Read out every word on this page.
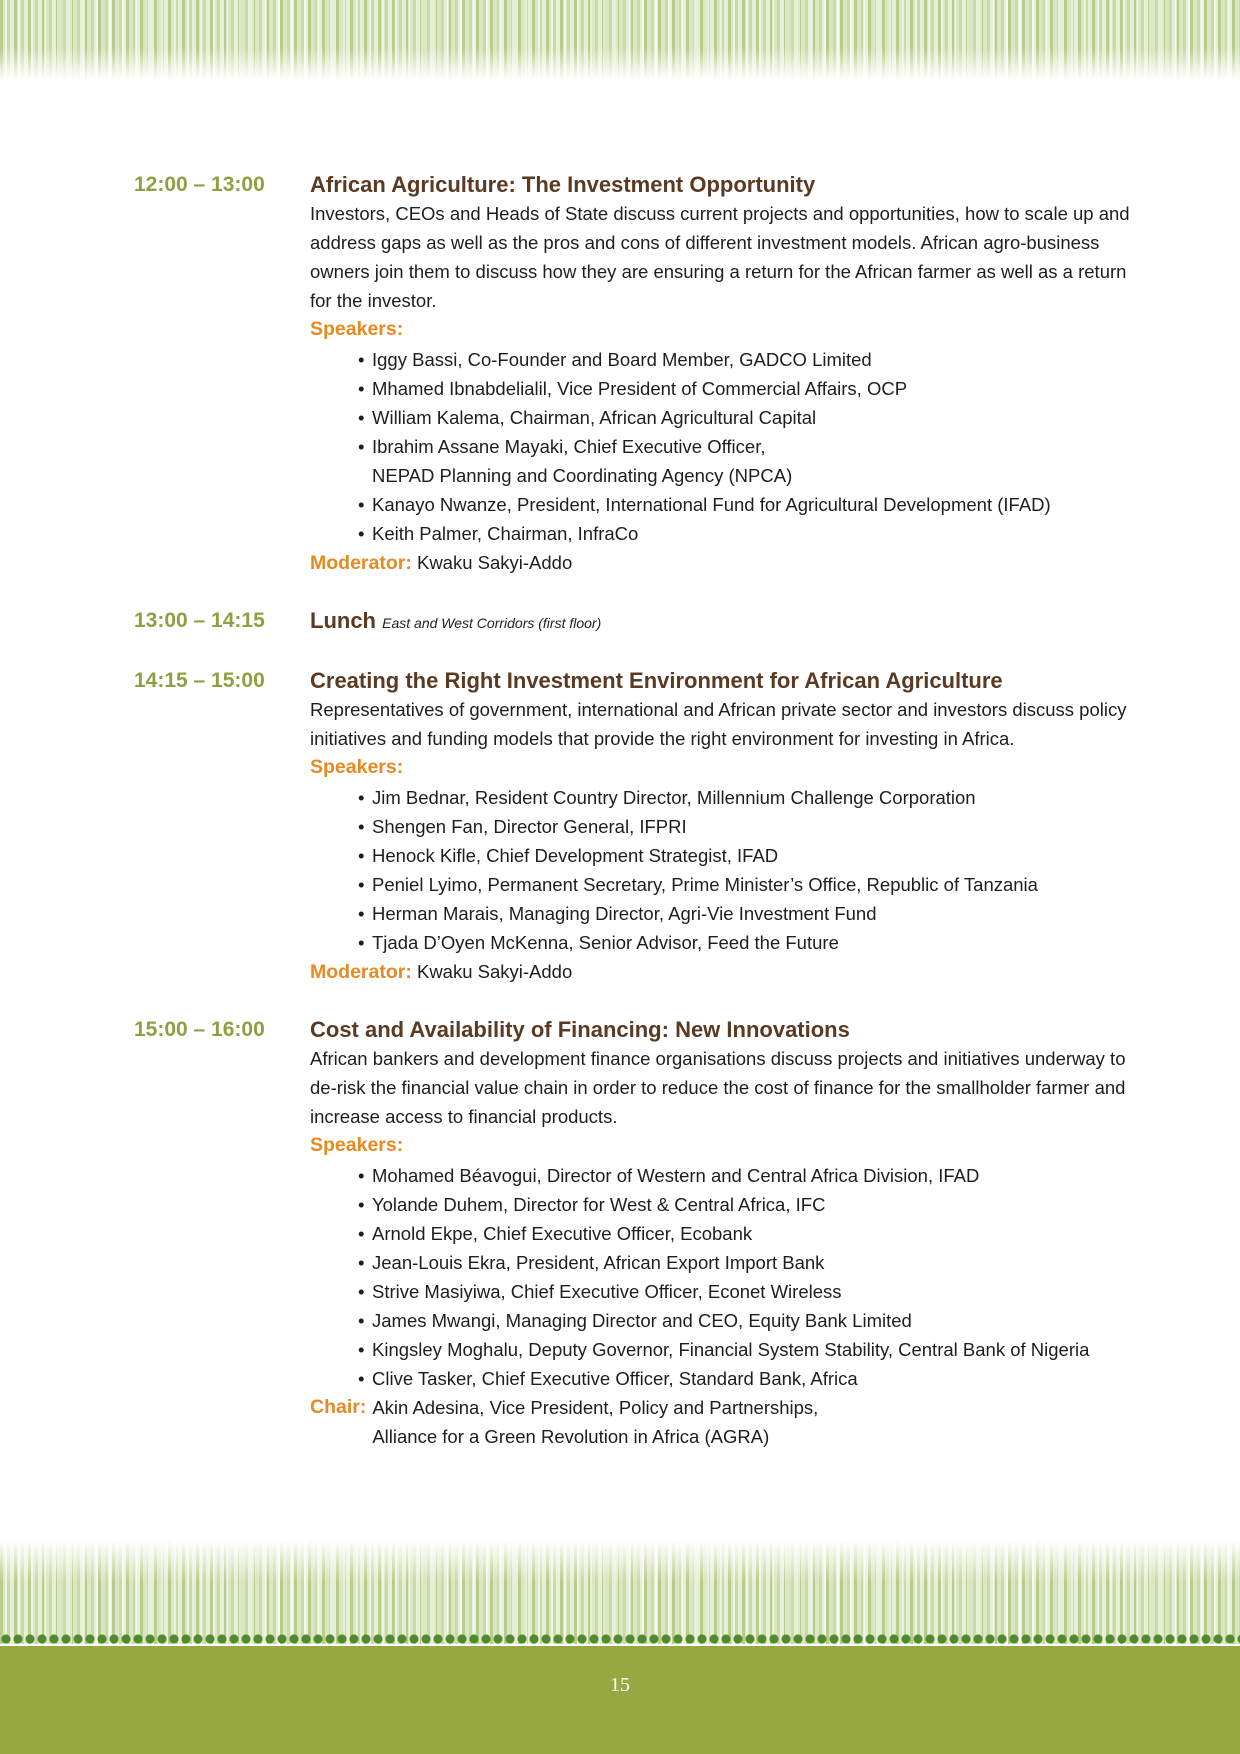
12:00 – 13:00 African Agriculture: The Investment Opportunity
Investors, CEOs and Heads of State discuss current projects and opportunities, how to scale up and address gaps as well as the pros and cons of different investment models. African agro-business owners join them to discuss how they are ensuring a return for the African farmer as well as a return for the investor.
Speakers:
• Iggy Bassi, Co-Founder and Board Member, GADCO Limited
• Mhamed Ibnabdelialil, Vice President of Commercial Affairs, OCP
• William Kalema, Chairman, African Agricultural Capital
• Ibrahim Assane Mayaki, Chief Executive Officer,
NEPAD Planning and Coordinating Agency (NPCA)
• Kanayo Nwanze, President, International Fund for Agricultural Development (IFAD)
• Keith Palmer, Chairman, InfraCo
Moderator: Kwaku Sakyi-Addo
13:00 – 14:15 Lunch East and West Corridors (first floor)
14:15 – 15:00 Creating the Right Investment Environment for African Agriculture
Representatives of government, international and African private sector and investors discuss policy initiatives and funding models that provide the right environment for investing in Africa.
Speakers:
• Jim Bednar, Resident Country Director, Millennium Challenge Corporation
• Shengen Fan, Director General, IFPRI
• Henock Kifle, Chief Development Strategist, IFAD
• Peniel Lyimo, Permanent Secretary, Prime Minister’s Office, Republic of Tanzania
• Herman Marais, Managing Director, Agri-Vie Investment Fund
• Tjada D’Oyen McKenna, Senior Advisor, Feed the Future
Moderator: Kwaku Sakyi-Addo
15:00 – 16:00 Cost and Availability of Financing: New Innovations
African bankers and development finance organisations discuss projects and initiatives underway to de-risk the financial value chain in order to reduce the cost of finance for the smallholder farmer and increase access to financial products.
Speakers:
• Mohamed Béavogui, Director of Western and Central Africa Division, IFAD
• Yolande Duhem, Director for West & Central Africa, IFC
• Arnold Ekpe, Chief Executive Officer, Ecobank
• Jean-Louis Ekra, President, African Export Import Bank
• Strive Masiyiwa, Chief Executive Officer, Econet Wireless
• James Mwangi, Managing Director and CEO, Equity Bank Limited
• Kingsley Moghalu, Deputy Governor, Financial System Stability, Central Bank of Nigeria
• Clive Tasker, Chief Executive Officer, Standard Bank, Africa
Chair: Akin Adesina, Vice President, Policy and Partnerships,
Alliance for a Green Revolution in Africa (AGRA)
15
